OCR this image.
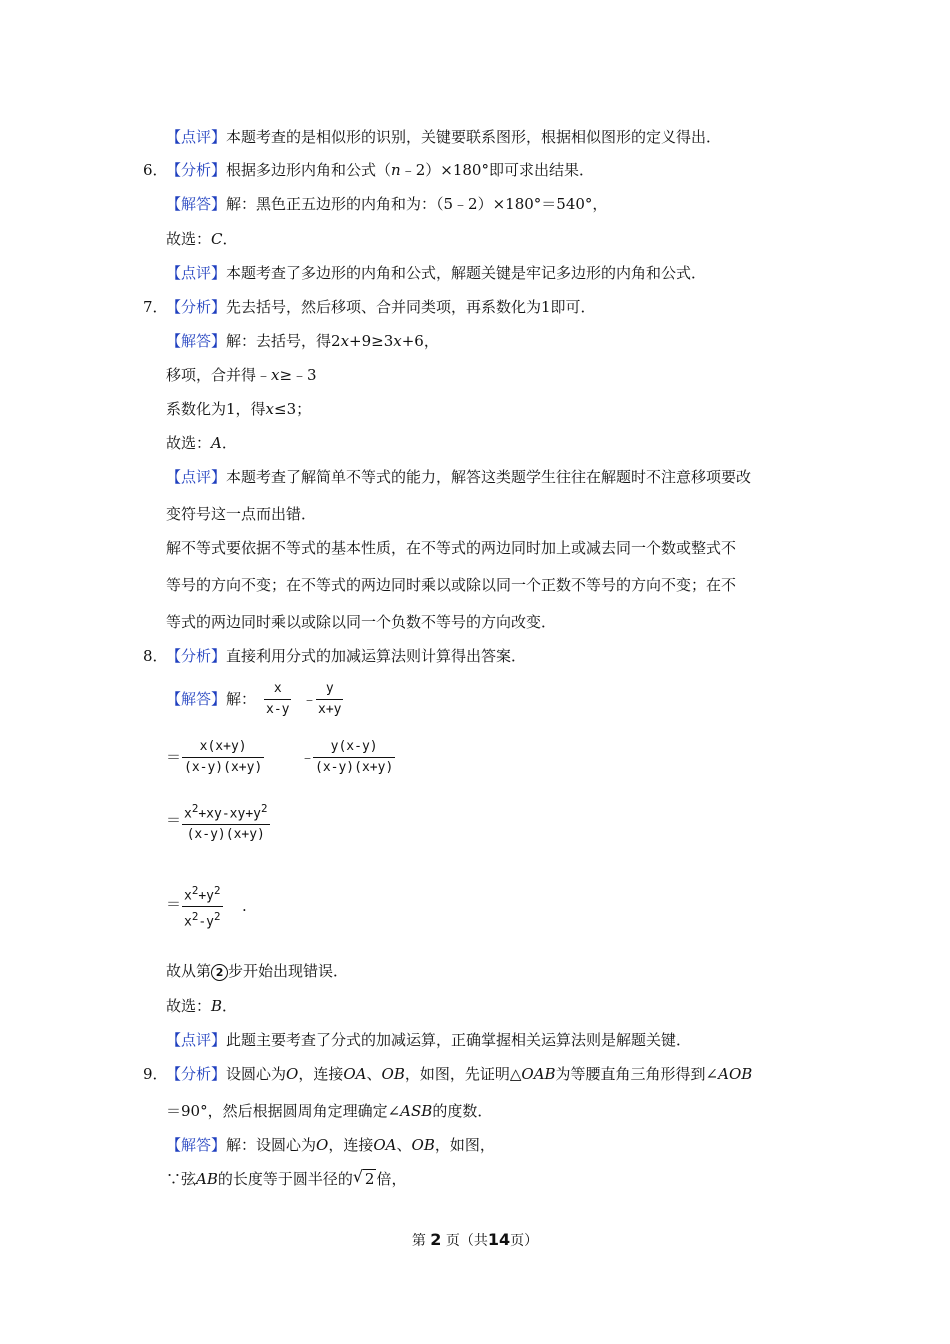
【点评】本题考查的是相似形的识别，关键要联系图形，根据相似图形的定义得出．
6．
【分析】根据多边形内角和公式（n﹣2）×180°即可求出结果．
【解答】解：黑色正五边形的内角和为：（5﹣2）×180°＝540°，
故选：C．
【点评】本题考查了多边形的内角和公式，解题关键是牢记多边形的内角和公式．
7．
【分析】先去括号，然后移项、合并同类项，再系数化为1即可．
【解答】解：去括号，得2x+9≥3x+6，
移项，合并得﹣x≥﹣3
系数化为1，得x≤3；
故选：A．
【点评】本题考查了解简单不等式的能力，解答这类题学生往往在解题时不注意移项要改
变符号这一点而出错．
解不等式要依据不等式的基本性质，在不等式的两边同时加上或减去同一个数或整式不
等号的方向不变；在不等式的两边同时乘以或除以同一个正数不等号的方向不变；在不
等式的两边同时乘以或除以同一个负数不等号的方向改变．
8．
【分析】直接利用分式的加减运算法则计算得出答案．
【解答】解：
x
x-y
﹣
y
x+y
＝
x(x+y)
(x-y)(x+y)
﹣
y(x-y)
(x-y)(x+y)
＝ $x^2+xy-xy+y^2$
(x-y)(x+y)
＝ $x^2+y^2$
$x^2-y^2$
.
故从第 2 步开始出现错误．
故选：B．
【点评】此题主要考查了分式的加减运算，正确掌握相关运算法则是解题关键．
9．
【分析】设圆心为O，连接OA、OB，如图，先证明△OAB为等腰直角三角形得到∠AOB
＝90°，然后根据圆周角定理确定∠ASB的度数．
【解答】解：设圆心为O，连接OA、OB，如图，
∵弦AB的长度等于圆半径的 √ 2 倍，
第 2 页（共14页）
